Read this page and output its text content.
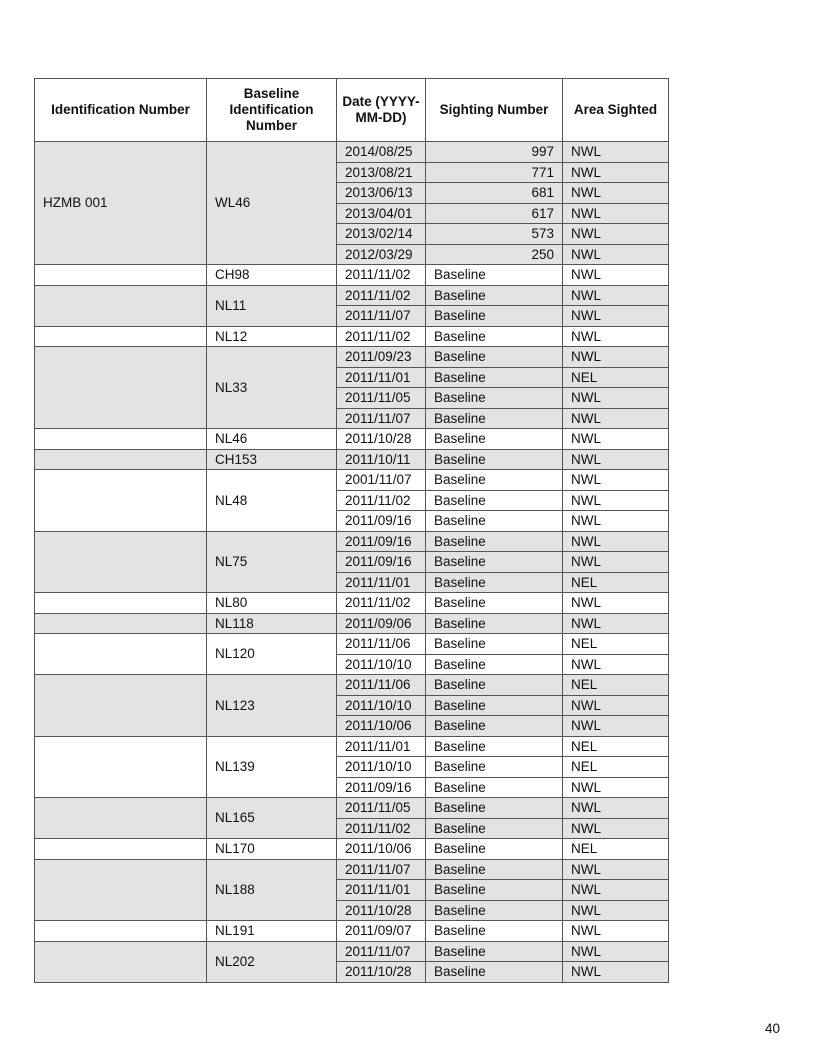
Identification Number	Baseline Identification Number	Date (YYYY-MM-DD)	Sighting Number	Area Sighted
HZMB 001	WL46	2014/08/25	997	NWL
		2013/08/21	771	NWL
		2013/06/13	681	NWL
		2013/04/01	617	NWL
		2013/02/14	573	NWL
		2012/03/29	250	NWL
	CH98	2011/11/02	Baseline	NWL
	NL11	2011/11/02	Baseline	NWL
		2011/11/07	Baseline	NWL
	NL12	2011/11/02	Baseline	NWL
	NL33	2011/09/23	Baseline	NWL
		2011/11/01	Baseline	NEL
		2011/11/05	Baseline	NWL
		2011/11/07	Baseline	NWL
	NL46	2011/10/28	Baseline	NWL
	CH153	2011/10/11	Baseline	NWL
	NL48	2001/11/07	Baseline	NWL
		2011/11/02	Baseline	NWL
		2011/09/16	Baseline	NWL
	NL75	2011/09/16	Baseline	NWL
		2011/09/16	Baseline	NWL
		2011/11/01	Baseline	NEL
	NL80	2011/11/02	Baseline	NWL
	NL118	2011/09/06	Baseline	NWL
	NL120	2011/11/06	Baseline	NEL
		2011/10/10	Baseline	NWL
	NL123	2011/11/06	Baseline	NEL
		2011/10/10	Baseline	NWL
		2011/10/06	Baseline	NWL
	NL139	2011/11/01	Baseline	NEL
		2011/10/10	Baseline	NEL
		2011/09/16	Baseline	NWL
	NL165	2011/11/05	Baseline	NWL
		2011/11/02	Baseline	NWL
	NL170	2011/10/06	Baseline	NEL
	NL188	2011/11/07	Baseline	NWL
		2011/11/01	Baseline	NWL
		2011/10/28	Baseline	NWL
	NL191	2011/09/07	Baseline	NWL
	NL202	2011/11/07	Baseline	NWL
		2011/10/28	Baseline	NWL
40
